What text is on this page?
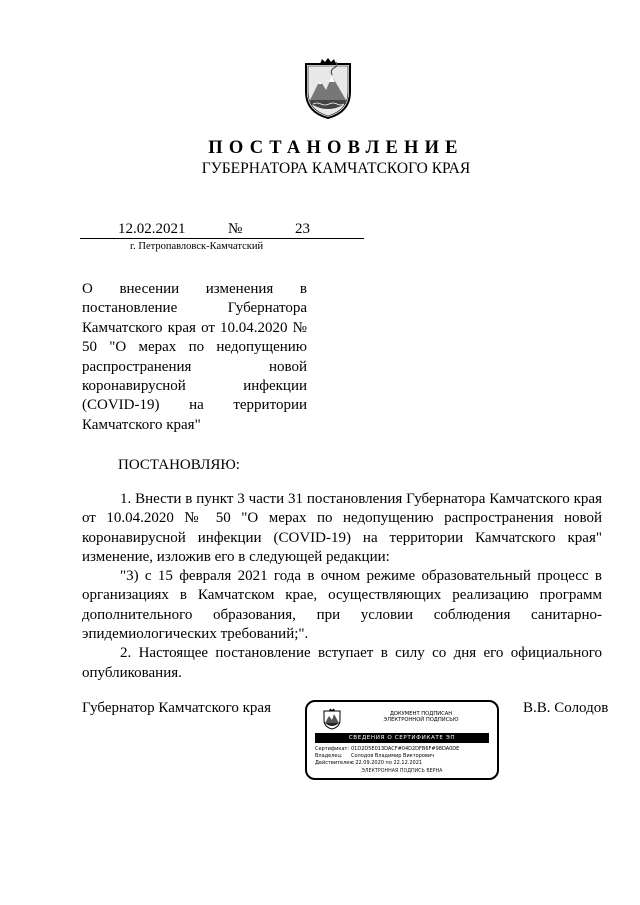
ПОСТАНОВЛЕНИЕ
ГУБЕРНАТОРА КАМЧАТСКОГО КРАЯ
12.02.2021	№	23
г. Петропавловск-Камчатский
О внесении изменения в постановление Губернатора Камчатского края от 10.04.2020 № 50 "О мерах по недопущению распространения новой коронавирусной инфекции (COVID-19) на территории Камчатского края"
ПОСТАНОВЛЯЮ:

1. Внести в пункт 3 части 31 постановления Губернатора Камчатского края от 10.04.2020 № 50 "О мерах по недопущению распространения новой коронавирусной инфекции (COVID-19) на территории Камчатского края" изменение, изложив его в следующей редакции:

"3) с 15 февраля 2021 года в очном режиме образовательный процесс в организациях в Камчатском крае, осуществляющих реализацию программ дополнительного образования, при условии соблюдения санитарно-эпидемиологических требований;".

2. Настоящее постановление вступает в силу со дня его официального опубликования.

Губернатор Камчатского края	В.В. Солодов
ДОКУМЕНТ ПОДПИСАН
ЭЛЕКТРОННОЙ ПОДПИСЬЮ
СВЕДЕНИЯ О СЕРТИФИКАТЕ ЭП
Сертификат: 01D2D5E013DACF#04D2DFB6F#98DA0DE
Владелец: Солодов Владимир Викторович
Действителен:с 22.09.2020 по 22.12.2021
ЭЛЕКТРОННАЯ ПОДПИСЬ ВЕРНА
